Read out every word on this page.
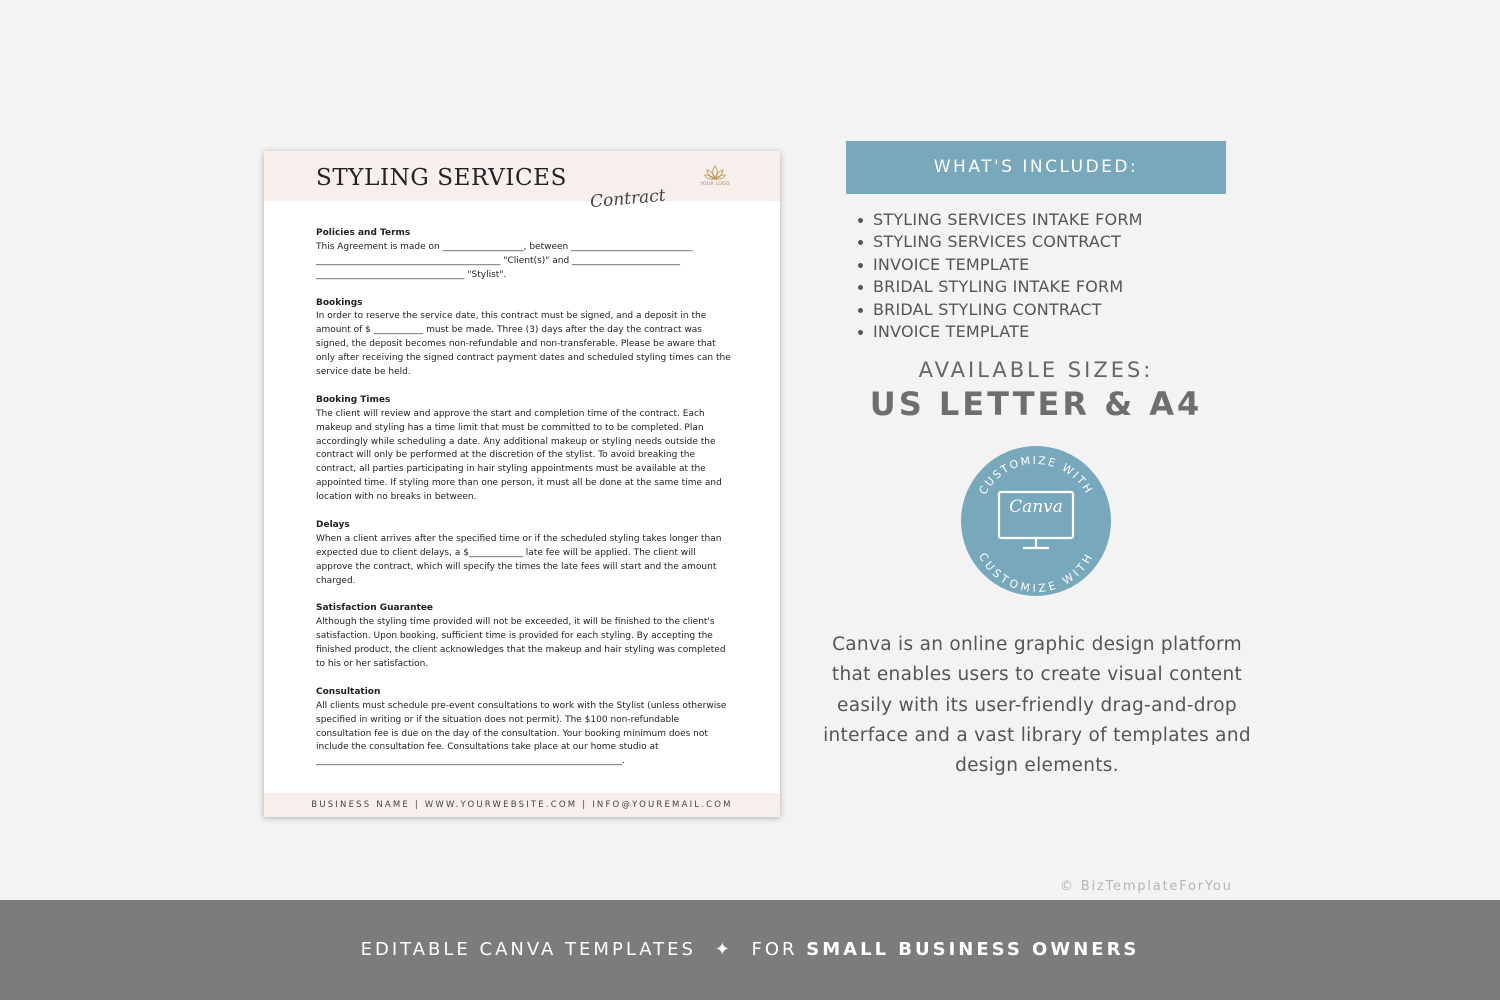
STYLING SERVICES
Contract
YOUR LOGO
Policies and Terms
This Agreement is made on __________________, between ___________________________ _________________________________________ "Client(s)" and ________________________ _________________________________ "Stylist".
Bookings
In order to reserve the service date, this contract must be signed, and a deposit in the amount of $ ___________ must be made. Three (3) days after the day the contract was signed, the deposit becomes non-refundable and non-transferable. Please be aware that only after receiving the signed contract payment dates and scheduled styling times can the service date be held.
Booking Times
The client will review and approve the start and completion time of the contract. Each makeup and styling has a time limit that must be committed to to be completed. Plan accordingly while scheduling a date. Any additional makeup or styling needs outside the contract will only be performed at the discretion of the stylist. To avoid breaking the contract, all parties participating in hair styling appointments must be available at the appointed time. If styling more than one person, it must all be done at the same time and location with no breaks in between.
Delays
When a client arrives after the specified time or if the scheduled styling takes longer than expected due to client delays, a $____________ late fee will be applied. The client will approve the contract, which will specify the times the late fees will start and the amount charged.
Satisfaction Guarantee
Although the styling time provided will not be exceeded, it will be finished to the client's satisfaction. Upon booking, sufficient time is provided for each styling. By accepting the finished product, the client acknowledges that the makeup and hair styling was completed to his or her satisfaction.
Consultation
All clients must schedule pre-event consultations to work with the Stylist (unless otherwise specified in writing or if the situation does not permit). The $100 non-refundable consultation fee is due on the day of the consultation. Your booking minimum does not include the consultation fee. Consultations take place at our home studio at ____________________________________________________________________.
BUSINESS NAME | WWW.YOURWEBSITE.COM | INFO@YOUREMAIL.COM
WHAT'S INCLUDED:
STYLING SERVICES INTAKE FORM
STYLING SERVICES CONTRACT
INVOICE TEMPLATE
BRIDAL STYLING INTAKE FORM
BRIDAL STYLING CONTRACT
INVOICE TEMPLATE
AVAILABLE SIZES:
US LETTER & A4
CUSTOMIZE WITH
CUSTOMIZE WITH
Canva
Canva is an online graphic design platform that enables users to create visual content easily with its user-friendly drag-and-drop interface and a vast library of templates and design elements.
© BizTemplateForYou
EDITABLE CANVA TEMPLATES ✦ FOR SMALL BUSINESS OWNERS
